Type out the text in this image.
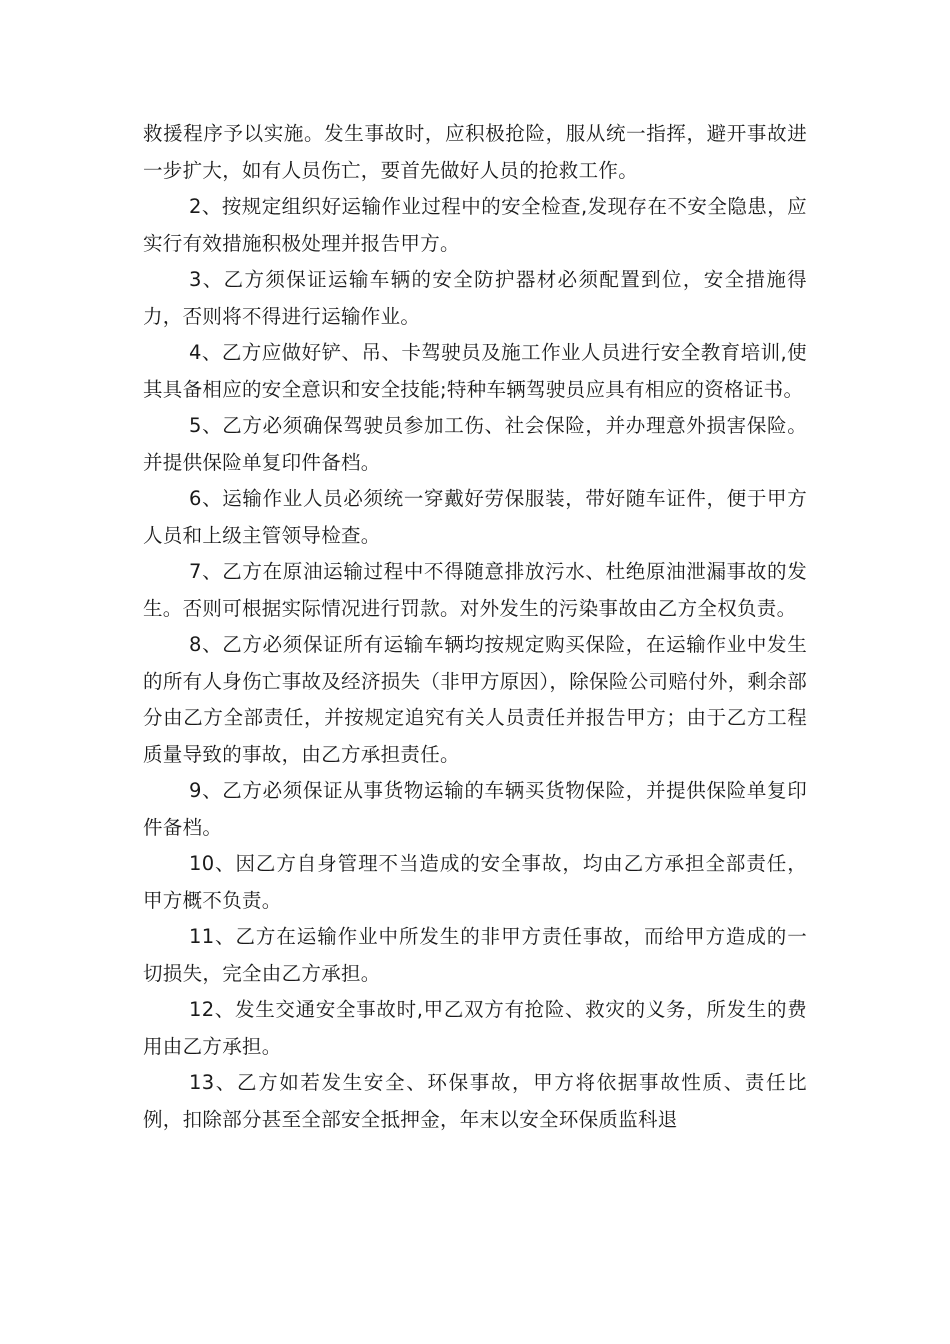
救援程序予以实施。发生事故时，应积极抢险，服从统一指挥，避开事故进一步扩大，如有人员伤亡，要首先做好人员的抢救工作。

2、按规定组织好运输作业过程中的安全检查,发现存在不安全隐患，应实行有效措施积极处理并报告甲方。

3、乙方须保证运输车辆的安全防护器材必须配置到位，安全措施得力，否则将不得进行运输作业。

4、乙方应做好铲、吊、卡驾驶员及施工作业人员进行安全教育培训,使其具备相应的安全意识和安全技能;特种车辆驾驶员应具有相应的资格证书。

5、乙方必须确保驾驶员参加工伤、社会保险，并办理意外损害保险。并提供保险单复印件备档。

6、运输作业人员必须统一穿戴好劳保服装，带好随车证件，便于甲方人员和上级主管领导检查。

7、乙方在原油运输过程中不得随意排放污水、杜绝原油泄漏事故的发生。否则可根据实际情况进行罚款。对外发生的污染事故由乙方全权负责。

8、乙方必须保证所有运输车辆均按规定购买保险，在运输作业中发生的所有人身伤亡事故及经济损失（非甲方原因），除保险公司赔付外，剩余部分由乙方全部责任，并按规定追究有关人员责任并报告甲方；由于乙方工程质量导致的事故，由乙方承担责任。

9、乙方必须保证从事货物运输的车辆买货物保险，并提供保险单复印件备档。

10、因乙方自身管理不当造成的安全事故，均由乙方承担全部责任，甲方概不负责。

11、乙方在运输作业中所发生的非甲方责任事故，而给甲方造成的一切损失，完全由乙方承担。

12、发生交通安全事故时,甲乙双方有抢险、救灾的义务，所发生的费用由乙方承担。

13、乙方如若发生安全、环保事故，甲方将依据事故性质、责任比例，扣除部分甚至全部安全抵押金，年末以安全环保质监科退
